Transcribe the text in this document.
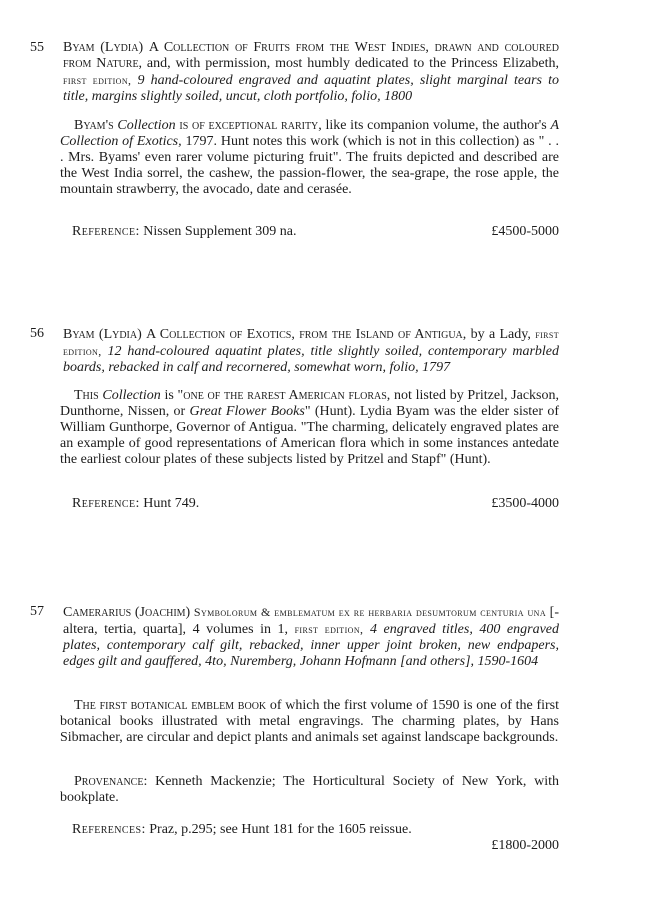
55 Byam (Lydia) A Collection of Fruits from the West Indies, drawn and coloured from Nature, and, with permission, most humbly dedicated to the Princess Elizabeth, first edition, 9 hand-coloured engraved and aquatint plates, slight marginal tears to title, margins slightly soiled, uncut, cloth portfolio, folio, 1800
Byam's Collection is of exceptional rarity, like its companion volume, the author's A Collection of Exotics, 1797. Hunt notes this work (which is not in this collection) as " . . . Mrs. Byams' even rarer volume picturing fruit". The fruits depicted and described are the West India sorrel, the cashew, the passion-flower, the sea-grape, the rose apple, the mountain strawberry, the avocado, date and cerasée.
Reference: Nissen Supplement 309 na.	£4500-5000
56 Byam (Lydia) A Collection of Exotics, from the Island of Antigua, by a Lady, first edition, 12 hand-coloured aquatint plates, title slightly soiled, contemporary marbled boards, rebacked in calf and recornered, somewhat worn, folio, 1797
This Collection is "one of the rarest American floras, not listed by Pritzel, Jackson, Dunthorne, Nissen, or Great Flower Books" (Hunt). Lydia Byam was the elder sister of William Gunthorpe, Governor of Antigua. "The charming, delicately engraved plates are an example of good representations of American flora which in some instances antedate the earliest colour plates of these subjects listed by Pritzel and Stapf" (Hunt).
Reference: Hunt 749.	£3500-4000
57 Camerarius (Joachim) Symbolorum & emblematum ex re herbaria desumtorum centuria una [-altera, tertia, quarta], 4 volumes in 1, first edition, 4 engraved titles, 400 engraved plates, contemporary calf gilt, rebacked, inner upper joint broken, new endpapers, edges gilt and gauffered, 4to, Nuremberg, Johann Hofmann [and others], 1590-1604
The first botanical emblem book of which the first volume of 1590 is one of the first botanical books illustrated with metal engravings. The charming plates, by Hans Sibmacher, are circular and depict plants and animals set against landscape backgrounds.
Provenance: Kenneth Mackenzie; The Horticultural Society of New York, with bookplate.
References: Praz, p.295; see Hunt 181 for the 1605 reissue.
£1800-2000
